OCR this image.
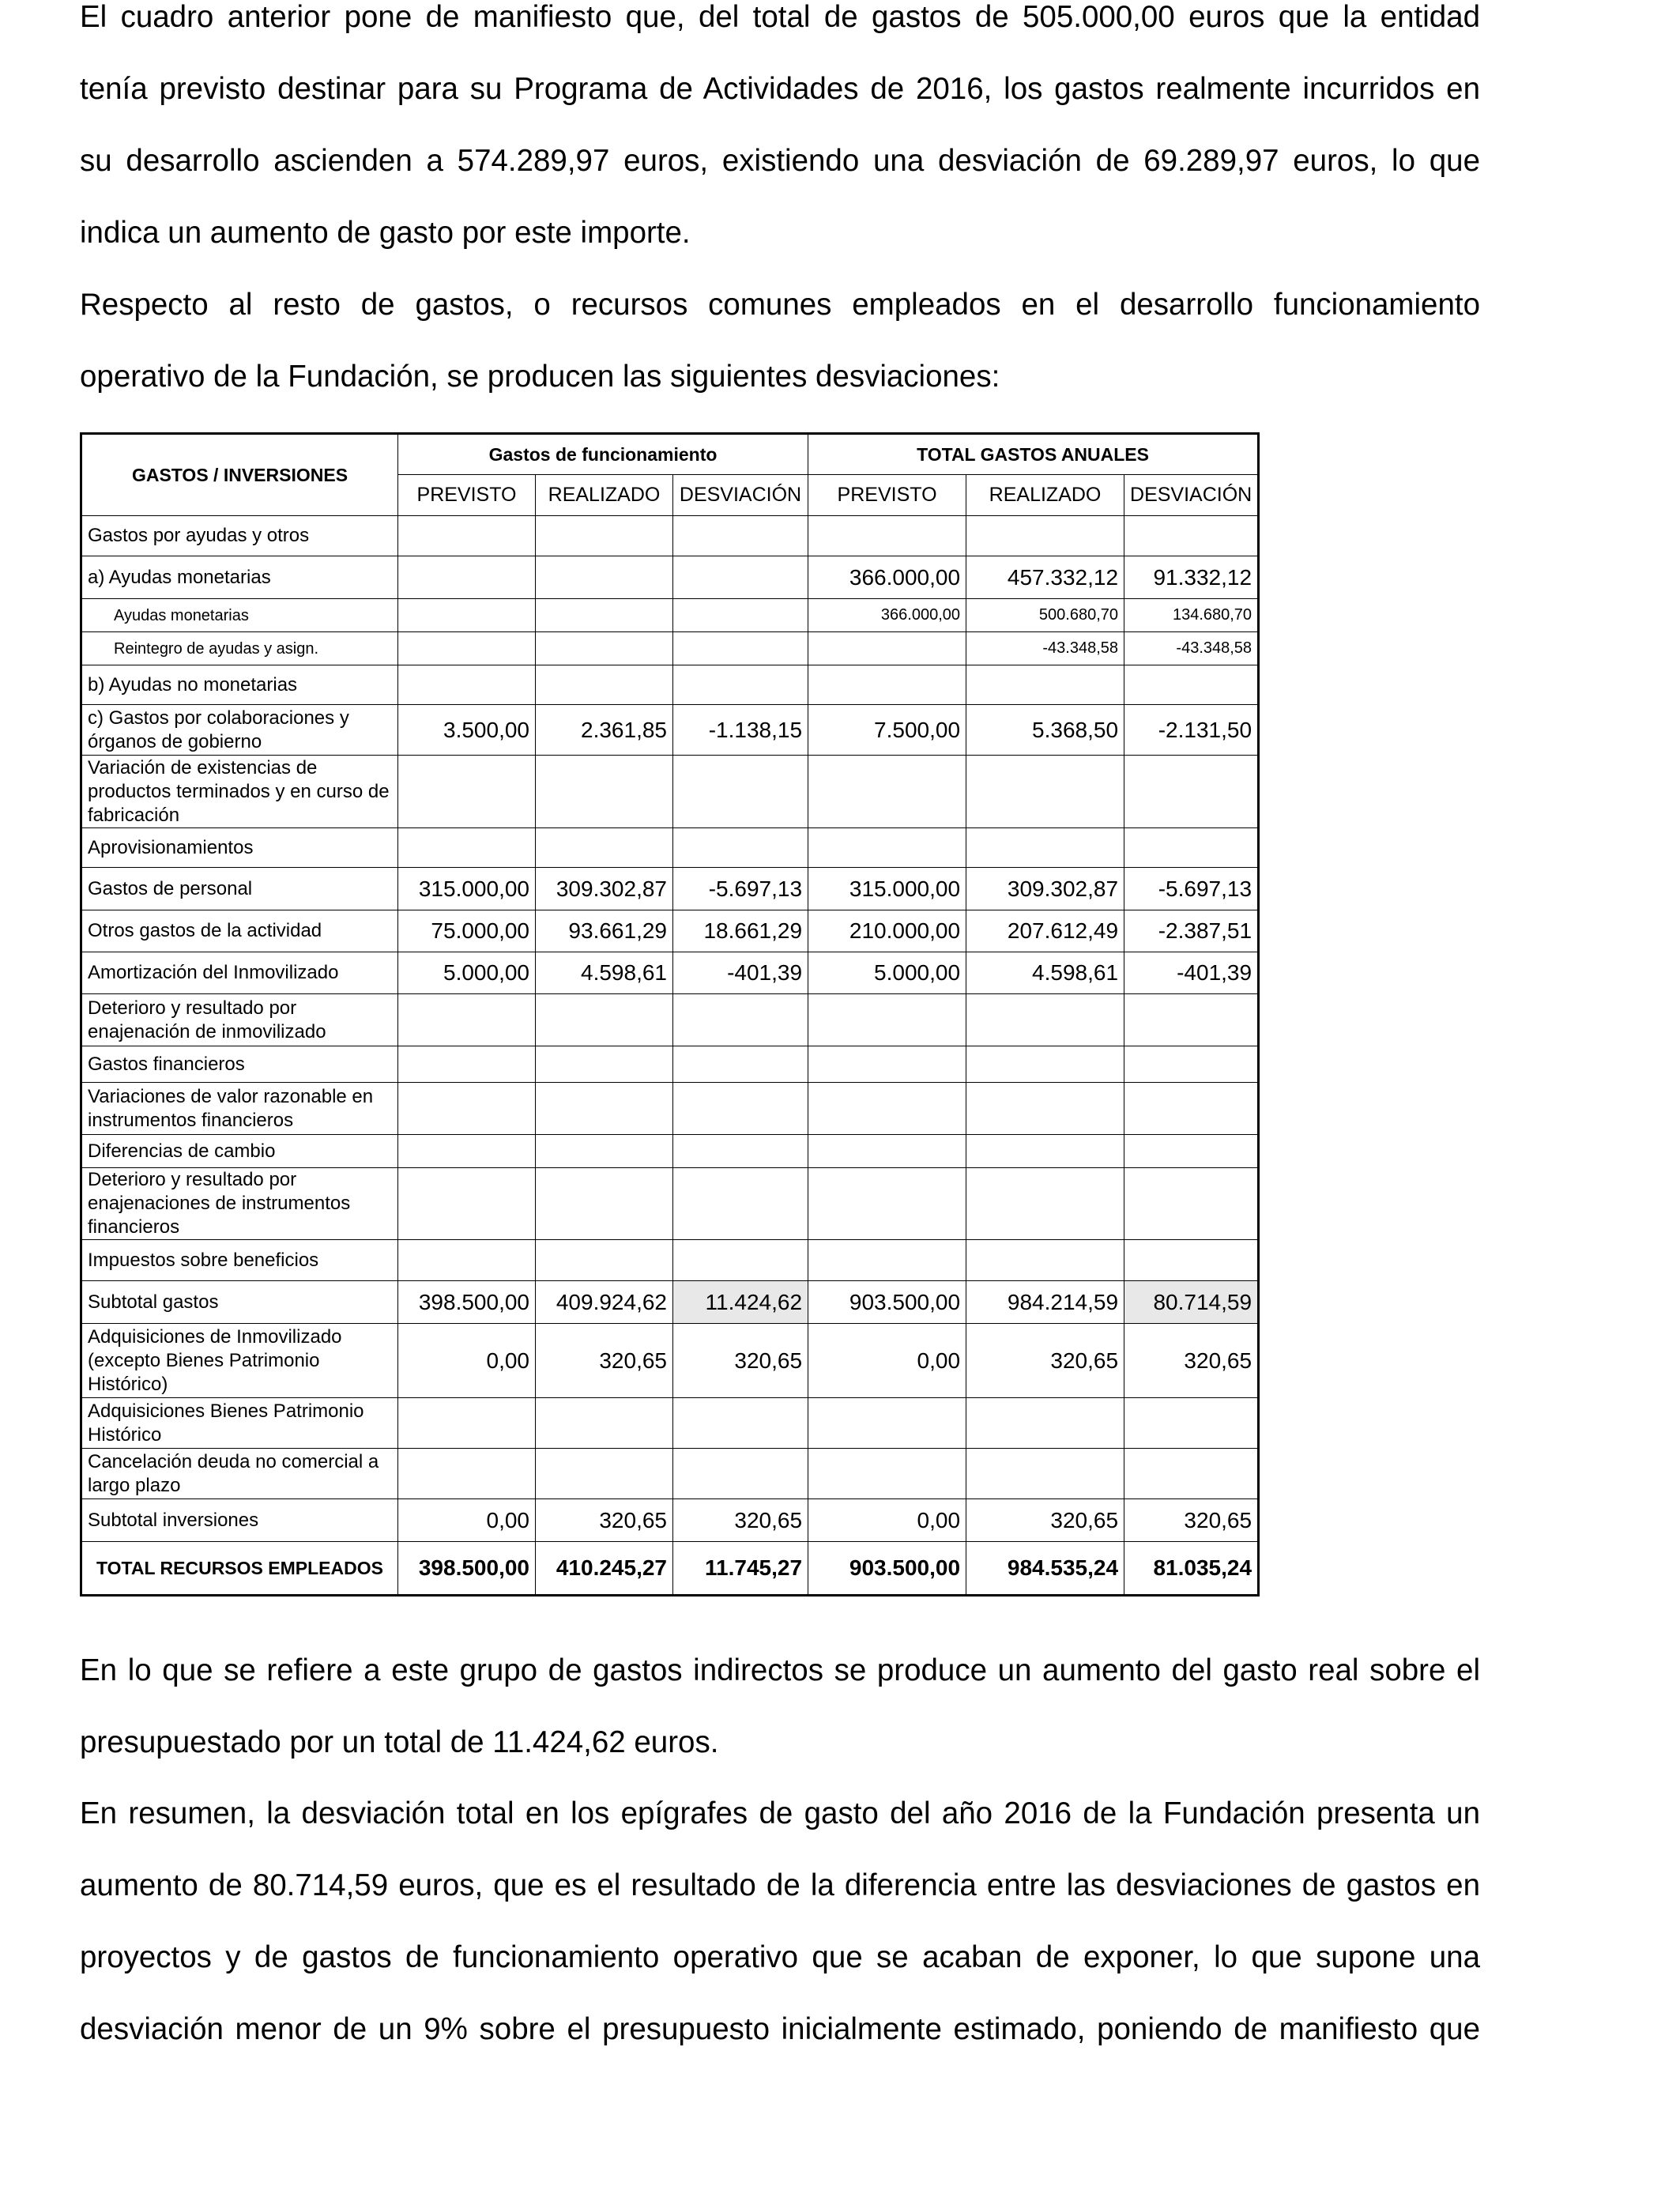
El cuadro anterior pone de manifiesto que, del total de gastos de 505.000,00 euros que la entidad
tenía previsto destinar para su Programa de Actividades de 2016, los gastos realmente incurridos en
su desarrollo ascienden a 574.289,97 euros, existiendo una desviación de 69.289,97 euros, lo que
indica un aumento de gasto por este importe.
Respecto al resto de gastos, o recursos comunes empleados en el desarrollo funcionamiento
operativo de la Fundación, se producen las siguientes desviaciones:
GASTOS / INVERSIONES	Gastos de funcionamiento			TOTAL GASTOS ANUALES		
	PREVISTO	REALIZADO	DESVIACIÓN	PREVISTO	REALIZADO	DESVIACIÓN
Gastos por ayudas y otros						
a) Ayudas monetarias				366.000,00	457.332,12	91.332,12
Ayudas monetarias				366.000,00	500.680,70	134.680,70
Reintegro de ayudas y asign.					-43.348,58	-43.348,58
b) Ayudas no monetarias						
c) Gastos por colaboraciones y órganos de gobierno	3.500,00	2.361,85	-1.138,15	7.500,00	5.368,50	-2.131,50
Variación de existencias de productos terminados y en curso de fabricación						
Aprovisionamientos						
Gastos de personal	315.000,00	309.302,87	-5.697,13	315.000,00	309.302,87	-5.697,13
Otros gastos de la actividad	75.000,00	93.661,29	18.661,29	210.000,00	207.612,49	-2.387,51
Amortización del Inmovilizado	5.000,00	4.598,61	-401,39	5.000,00	4.598,61	-401,39
Deterioro y resultado por enajenación de inmovilizado						
Gastos financieros						
Variaciones de valor razonable en instrumentos financieros						
Diferencias de cambio						
Deterioro y resultado por enajenaciones de instrumentos financieros						
Impuestos sobre beneficios						
Subtotal gastos	398.500,00	409.924,62	11.424,62	903.500,00	984.214,59	80.714,59
Adquisiciones de Inmovilizado (excepto Bienes Patrimonio Histórico)	0,00	320,65	320,65	0,00	320,65	320,65
Adquisiciones Bienes Patrimonio Histórico						
Cancelación deuda no comercial a largo plazo						
Subtotal inversiones	0,00	320,65	320,65	0,00	320,65	320,65
TOTAL RECURSOS EMPLEADOS	398.500,00	410.245,27	11.745,27	903.500,00	984.535,24	81.035,24
En lo que se refiere a este grupo de gastos indirectos se produce un aumento del gasto real sobre el
presupuestado por un total de 11.424,62 euros.
En resumen, la desviación total en los epígrafes de gasto del año 2016 de la Fundación presenta un
aumento de 80.714,59 euros, que es el resultado de la diferencia entre las desviaciones de gastos en
proyectos y de gastos de funcionamiento operativo que se acaban de exponer, lo que supone una
desviación menor de un 9% sobre el presupuesto inicialmente estimado, poniendo de manifiesto que
